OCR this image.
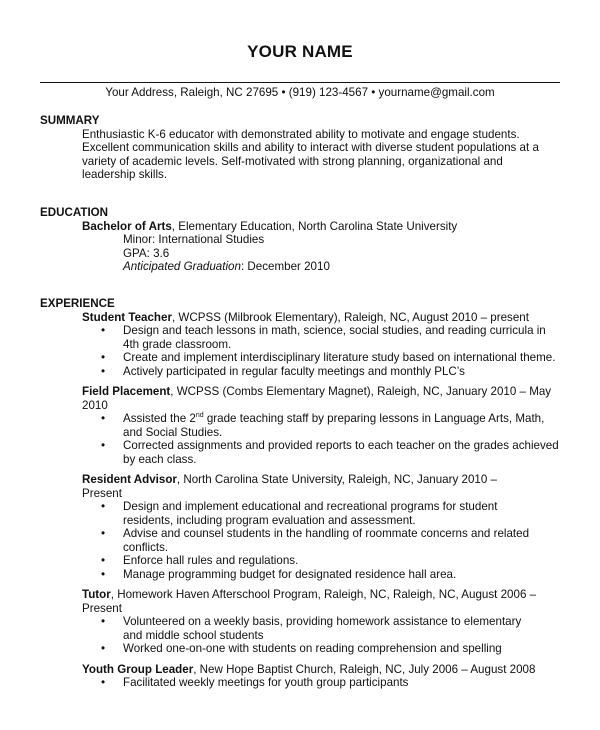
YOUR NAME
Your Address, Raleigh, NC 27695 • (919) 123-4567 • yourname@gmail.com
SUMMARY
Enthusiastic K-6 educator with demonstrated ability to motivate and engage students. Excellent communication skills and ability to interact with diverse student populations at a variety of academic levels. Self-motivated with strong planning, organizational and leadership skills.
EDUCATION
Bachelor of Arts, Elementary Education, North Carolina State University
Minor: International Studies
GPA: 3.6
Anticipated Graduation: December 2010
EXPERIENCE
Student Teacher, WCPSS (Milbrook Elementary), Raleigh, NC, August 2010 – present
• Design and teach lessons in math, science, social studies, and reading curricula in 4th grade classroom.
• Create and implement interdisciplinary literature study based on international theme.
• Actively participated in regular faculty meetings and monthly PLC’s
Field Placement, WCPSS (Combs Elementary Magnet), Raleigh, NC, January 2010 – May 2010
• Assisted the 2nd grade teaching staff by preparing lessons in Language Arts, Math, and Social Studies.
• Corrected assignments and provided reports to each teacher on the grades achieved by each class.
Resident Advisor, North Carolina State University, Raleigh, NC, January 2010 – Present
• Design and implement educational and recreational programs for student residents, including program evaluation and assessment.
• Advise and counsel students in the handling of roommate concerns and related conflicts.
• Enforce hall rules and regulations.
• Manage programming budget for designated residence hall area.
Tutor, Homework Haven Afterschool Program, Raleigh, NC, Raleigh, NC, August 2006 – Present
• Volunteered on a weekly basis, providing homework assistance to elementary and middle school students
• Worked one-on-one with students on reading comprehension and spelling
Youth Group Leader, New Hope Baptist Church, Raleigh, NC, July 2006 – August 2008
• Facilitated weekly meetings for youth group participants
